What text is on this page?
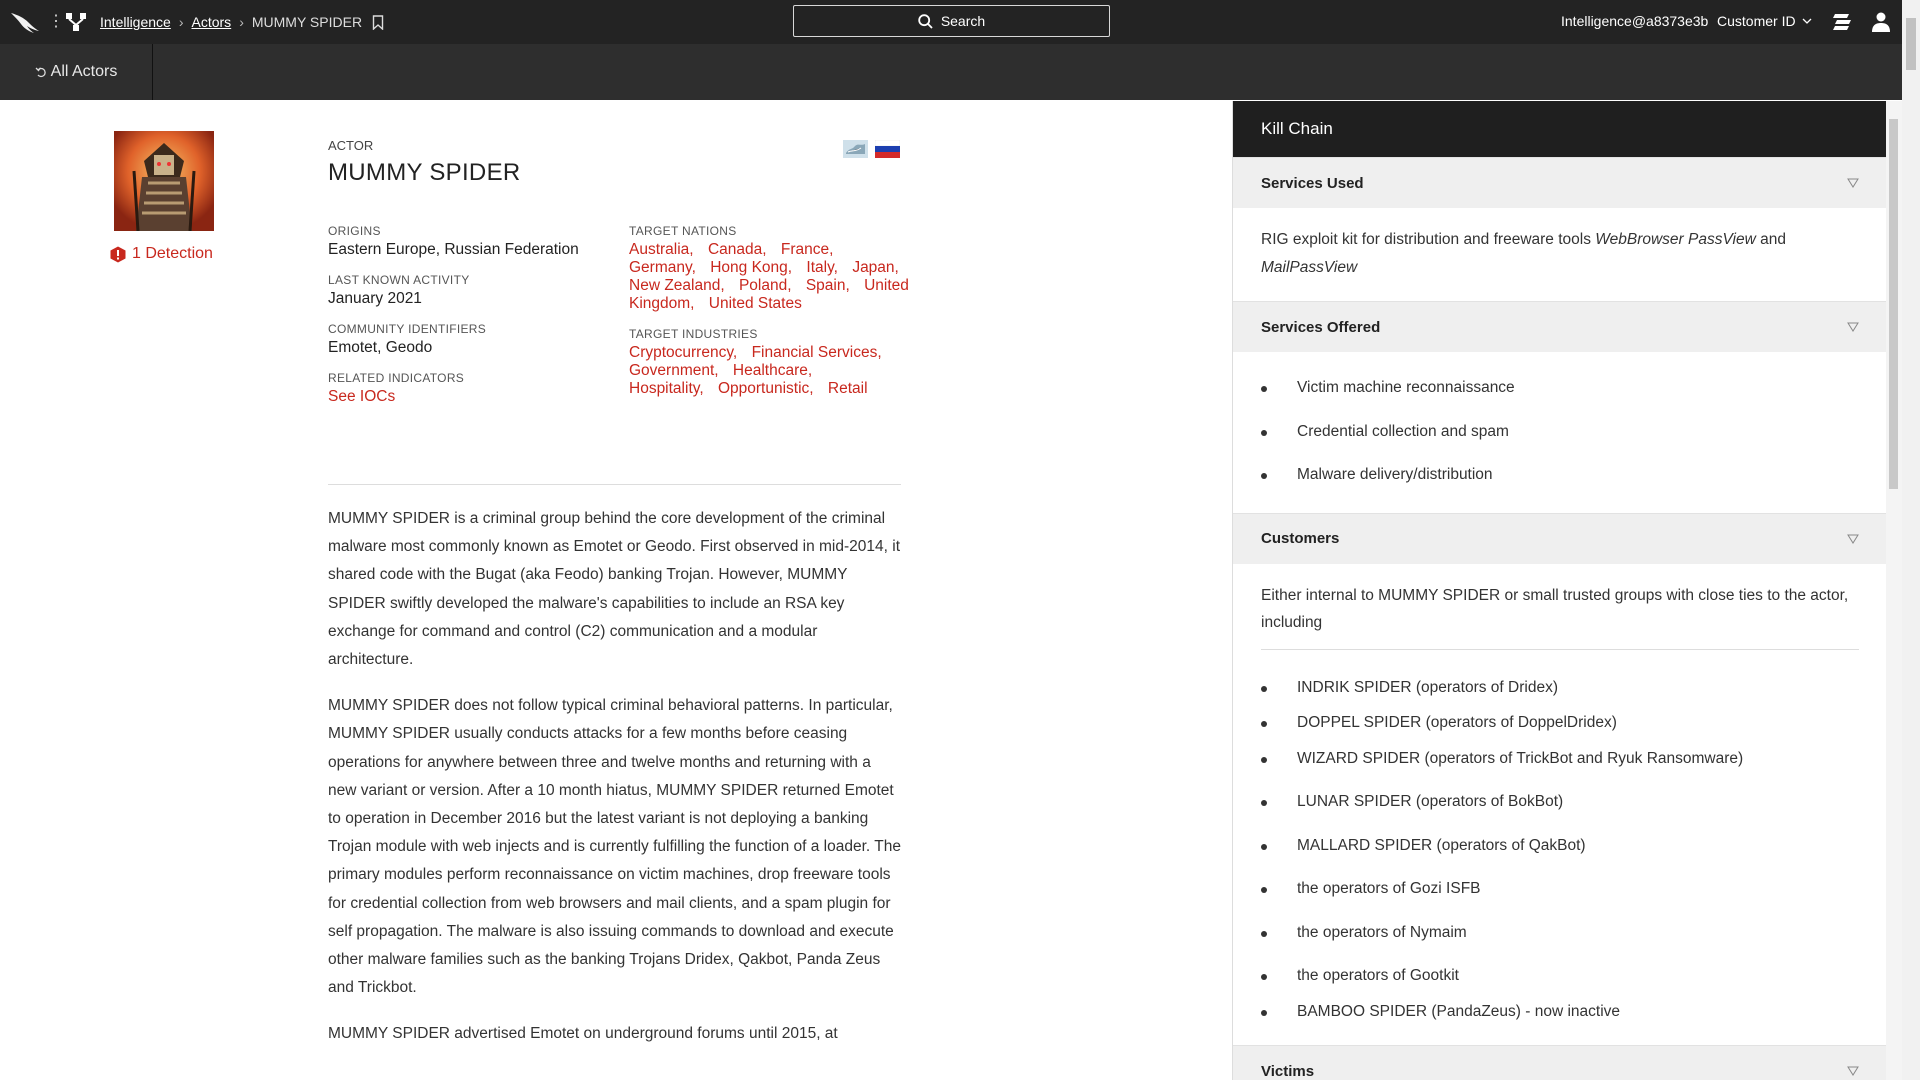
⋮	Intelligence › Actors › MUMMY SPIDER	Search	Intelligence@a8373e3b Customer ID
All Actors
1 Detection
ACTOR
MUMMY SPIDER
ORIGINS
Eastern Europe, Russian Federation
LAST KNOWN ACTIVITY
January 2021
COMMUNITY IDENTIFIERS
Emotet, Geodo
RELATED INDICATORS
See IOCs
TARGET NATIONS
Australia, Canada, France, Germany, Hong Kong, Italy, Japan, New Zealand, Poland, Spain, United Kingdom, United States
TARGET INDUSTRIES
Cryptocurrency, Financial Services, Government, Healthcare, Hospitality, Opportunistic, Retail

MUMMY SPIDER is a criminal group behind the core development of the criminal malware most commonly known as Emotet or Geodo. First observed in mid-2014, it shared code with the Bugat (aka Feodo) banking Trojan. However, MUMMY SPIDER swiftly developed the malware's capabilities to include an RSA key exchange for command and control (C2) communication and a modular architecture.

MUMMY SPIDER does not follow typical criminal behavioral patterns. In particular, MUMMY SPIDER usually conducts attacks for a few months before ceasing operations for anywhere between three and twelve months and returning with a new variant or version. After a 10 month hiatus, MUMMY SPIDER returned Emotet to operation in December 2016 but the latest variant is not deploying a banking Trojan module with web injects and is currently fulfilling the function of a loader. The primary modules perform reconnaissance on victim machines, drop freeware tools for credential collection from web browsers and mail clients, and a spam plugin for self propagation. The malware is also issuing commands to download and execute other malware families such as the banking Trojans Dridex, Qakbot, Panda Zeus and Trickbot.

MUMMY SPIDER advertised Emotet on underground forums until 2015, at

Kill Chain
Services Used
RIG exploit kit for distribution and freeware tools WebBrowser PassView and MailPassView
Services Offered
Victim machine reconnaissance
Credential collection and spam
Malware delivery/distribution
Customers
Either internal to MUMMY SPIDER or small trusted groups with close ties to the actor, including
INDRIK SPIDER (operators of Dridex)
DOPPEL SPIDER (operators of DoppelDridex)
WIZARD SPIDER (operators of TrickBot and Ryuk Ransomware)
LUNAR SPIDER (operators of BokBot)
MALLARD SPIDER (operators of QakBot)
the operators of Gozi ISFB
the operators of Nymaim
the operators of Gootkit
BAMBOO SPIDER (PandaZeus) - now inactive
Victims
